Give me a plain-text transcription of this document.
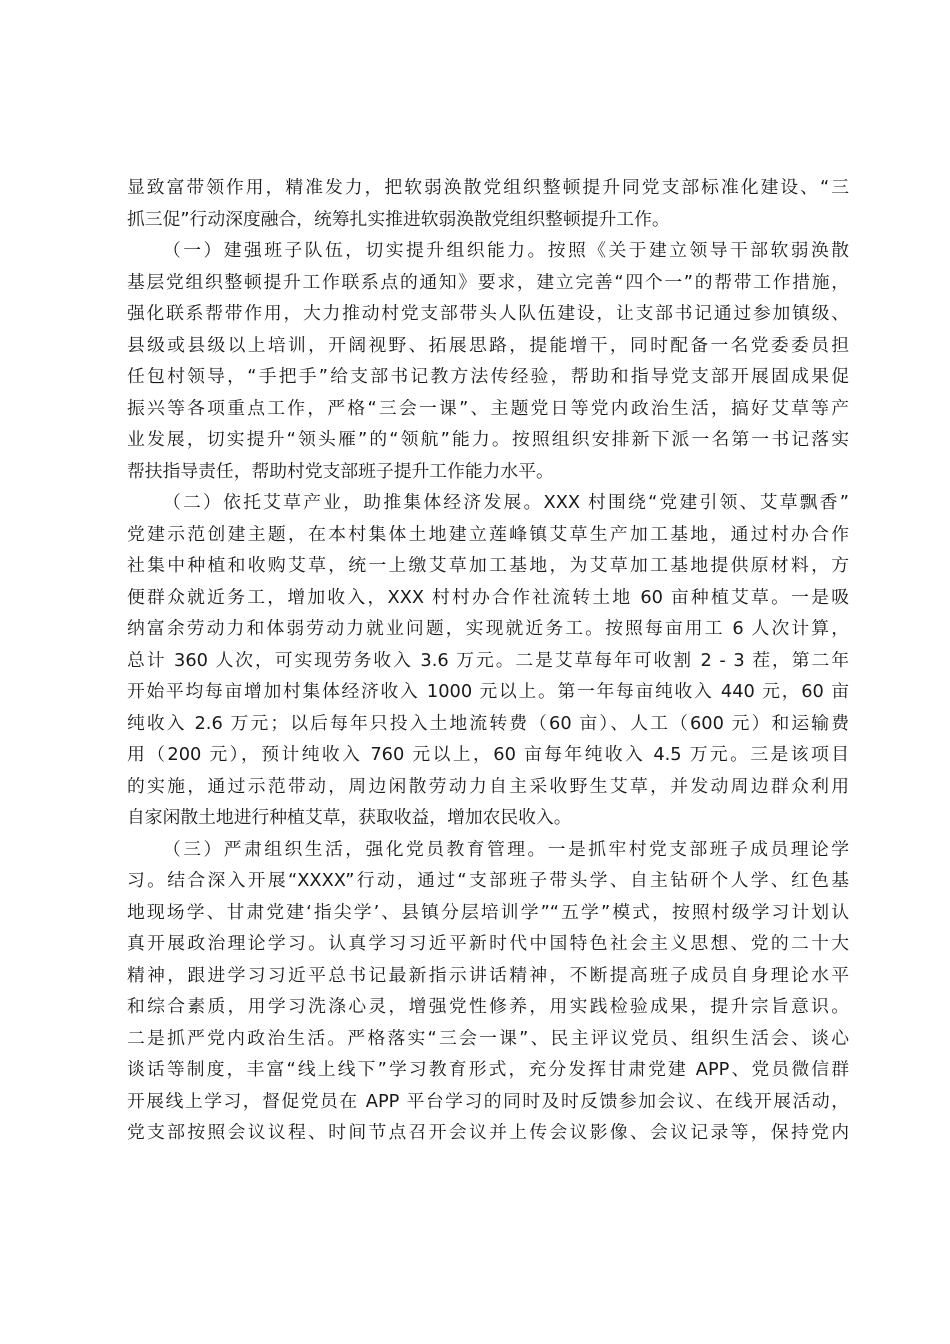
显致富带领作用，精准发力，把软弱涣散党组织整顿提升同党支部标准化建设、“三
抓三促”行动深度融合，统筹扎实推进软弱涣散党组织整顿提升工作。
（一）建强班子队伍，切实提升组织能力。按照《关于建立领导干部软弱涣散
基层党组织整顿提升工作联系点的通知》要求，建立完善“四个一”的帮带工作措施，
强化联系帮带作用，大力推动村党支部带头人队伍建设，让支部书记通过参加镇级、
县级或县级以上培训，开阔视野、拓展思路，提能增干，同时配备一名党委委员担
任包村领导，“手把手”给支部书记教方法传经验，帮助和指导党支部开展固成果促
振兴等各项重点工作，严格“三会一课”、主题党日等党内政治生活，搞好艾草等产
业发展，切实提升“领头雁”的“领航”能力。按照组织安排新下派一名第一书记落实
帮扶指导责任，帮助村党支部班子提升工作能力水平。
（二）依托艾草产业，助推集体经济发展。XXX 村围绕“党建引领、艾草飘香”
党建示范创建主题，在本村集体土地建立莲峰镇艾草生产加工基地，通过村办合作
社集中种植和收购艾草，统一上缴艾草加工基地，为艾草加工基地提供原材料，方
便群众就近务工，增加收入，XXX 村村办合作社流转土地 60 亩种植艾草。一是吸
纳富余劳动力和体弱劳动力就业问题，实现就近务工。按照每亩用工 6 人次计算，
总计 360 人次，可实现劳务收入 3.6 万元。二是艾草每年可收割 2 - 3 茬，第二年
开始平均每亩增加村集体经济收入 1000 元以上。第一年每亩纯收入 440 元，60 亩
纯收入 2.6 万元；以后每年只投入土地流转费（60 亩）、人工（600 元）和运输费
用（200 元），预计纯收入 760 元以上，60 亩每年纯收入 4.5 万元。三是该项目
的实施，通过示范带动，周边闲散劳动力自主采收野生艾草，并发动周边群众利用
自家闲散土地进行种植艾草，获取收益，增加农民收入。
（三）严肃组织生活，强化党员教育管理。一是抓牢村党支部班子成员理论学
习。结合深入开展“XXXX”行动，通过“支部班子带头学、自主钻研个人学、红色基
地现场学、甘肃党建‘指尖学’、县镇分层培训学”“五学”模式，按照村级学习计划认
真开展政治理论学习。认真学习习近平新时代中国特色社会主义思想、党的二十大
精神，跟进学习习近平总书记最新指示讲话精神，不断提高班子成员自身理论水平
和综合素质，用学习洗涤心灵，增强党性修养，用实践检验成果，提升宗旨意识。
二是抓严党内政治生活。严格落实“三会一课”、民主评议党员、组织生活会、谈心
谈话等制度，丰富“线上线下”学习教育形式，充分发挥甘肃党建 APP、党员微信群
开展线上学习，督促党员在 APP 平台学习的同时及时反馈参加会议、在线开展活动，
党支部按照会议议程、时间节点召开会议并上传会议影像、会议记录等，保持党内
